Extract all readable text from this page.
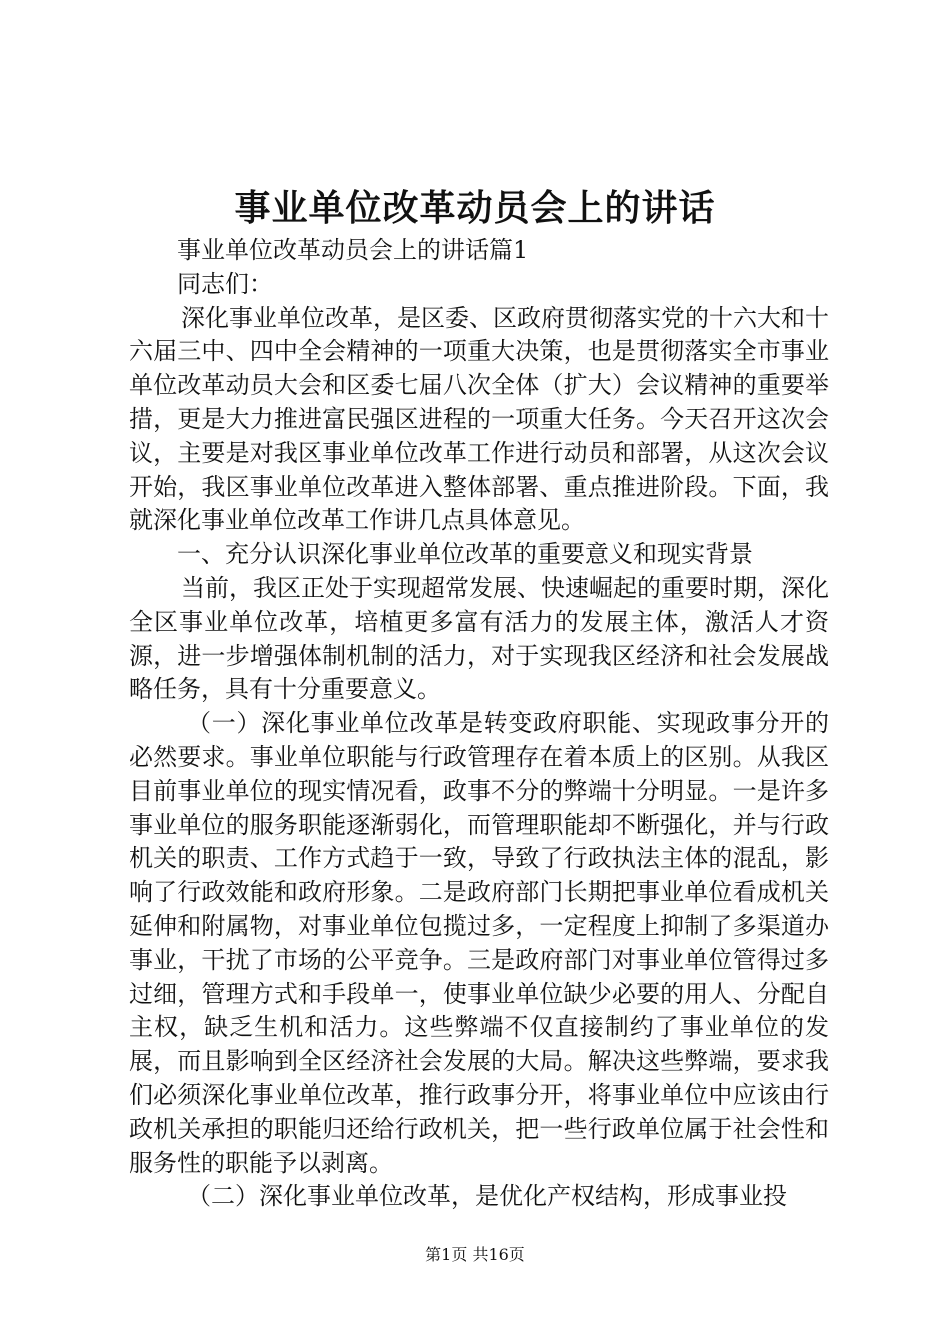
事业单位改革动员会上的讲话

事业单位改革动员会上的讲话篇1

同志们：

深化事业单位改革，是区委、区政府贯彻落实党的十六大和十六届三中、四中全会精神的一项重大决策，也是贯彻落实全市事业单位改革动员大会和区委七届八次全体（扩大）会议精神的重要举措，更是大力推进富民强区进程的一项重大任务。今天召开这次会议，主要是对我区事业单位改革工作进行动员和部署，从这次会议开始，我区事业单位改革进入整体部署、重点推进阶段。下面，我就深化事业单位改革工作讲几点具体意见。

一、充分认识深化事业单位改革的重要意义和现实背景

当前，我区正处于实现超常发展、快速崛起的重要时期，深化全区事业单位改革，培植更多富有活力的发展主体，激活人才资源，进一步增强体制机制的活力，对于实现我区经济和社会发展战略任务，具有十分重要意义。

（一）深化事业单位改革是转变政府职能、实现政事分开的必然要求。事业单位职能与行政管理存在着本质上的区别。从我区目前事业单位的现实情况看，政事不分的弊端十分明显。一是许多事业单位的服务职能逐渐弱化，而管理职能却不断强化，并与行政机关的职责、工作方式趋于一致，导致了行政执法主体的混乱，影响了行政效能和政府形象。二是政府部门长期把事业单位看成机关延伸和附属物，对事业单位包揽过多，一定程度上抑制了多渠道办事业，干扰了市场的公平竞争。三是政府部门对事业单位管得过多过细，管理方式和手段单一，使事业单位缺少必要的用人、分配自主权，缺乏生机和活力。这些弊端不仅直接制约了事业单位的发展，而且影响到全区经济社会发展的大局。解决这些弊端，要求我们必须深化事业单位改革，推行政事分开，将事业单位中应该由行政机关承担的职能归还给行政机关，把一些行政单位属于社会性和服务性的职能予以剥离。

（二）深化事业单位改革，是优化产权结构，形成事业投

第1页 共16页
